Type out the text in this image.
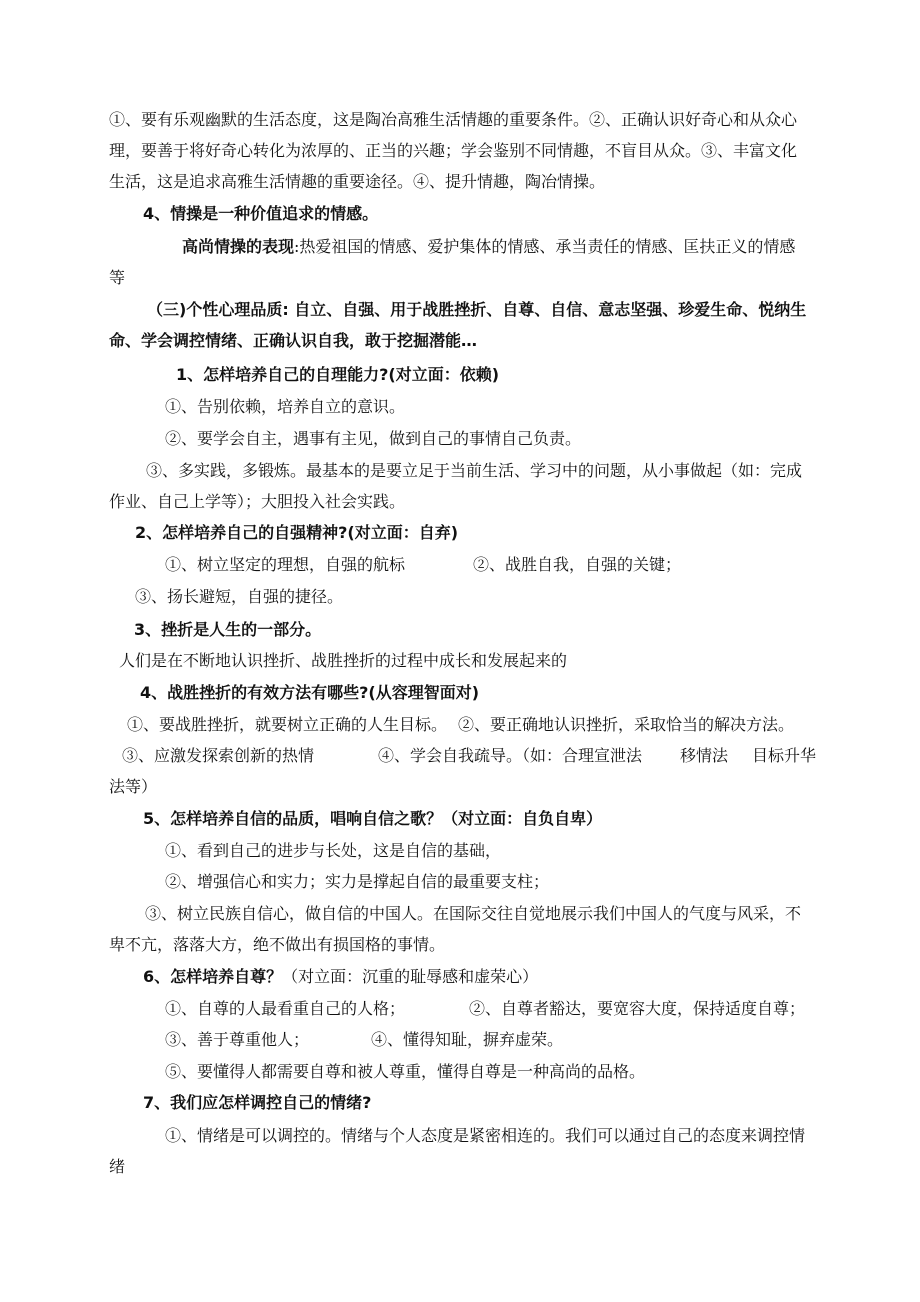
①、要有乐观幽默的生活态度，这是陶冶高雅生活情趣的重要条件。②、正确认识好奇心和从众心
理，要善于将好奇心转化为浓厚的、正当的兴趣；学会鉴别不同情趣，不盲目从众。③、丰富文化
生活，这是追求高雅生活情趣的重要途径。④、提升情趣，陶冶情操。
4、情操是一种价值追求的情感。
高尚情操的表现:热爱祖国的情感、爱护集体的情感、承当责任的情感、匡扶正义的情感
等
（三)个性心理品质: 自立、自强、用于战胜挫折、自尊、自信、意志坚强、珍爱生命、悦纳生
命、学会调控情绪、正确认识自我，敢于挖掘潜能…
1、怎样培养自己的自理能力?(对立面：依赖)
①、告别依赖，培养自立的意识。
②、要学会自主，遇事有主见，做到自己的事情自己负责。
③、多实践，多锻炼。最基本的是要立足于当前生活、学习中的问题，从小事做起（如：完成
作业、自己上学等）；大胆投入社会实践。
2、怎样培养自己的自强精神?(对立面：自弃)
①、树立坚定的理想，自强的航标	②、战胜自我，自强的关键；
③、扬长避短，自强的捷径。
3、挫折是人生的一部分。
人们是在不断地认识挫折、战胜挫折的过程中成长和发展起来的
4、战胜挫折的有效方法有哪些?(从容理智面对)
①、要战胜挫折，就要树立正确的人生目标。 ②、要正确地认识挫折，采取恰当的解决方法。
③、应激发探索创新的热情	④、学会自我疏导。（如：合理宣泄法 移情法 目标升华
法等）
5、怎样培养自信的品质，唱响自信之歌？（对立面：自负自卑）
①、看到自己的进步与长处，这是自信的基础，
②、增强信心和实力；实力是撑起自信的最重要支柱；
③、树立民族自信心，做自信的中国人。在国际交往自觉地展示我们中国人的气度与风采，不
卑不亢，落落大方，绝不做出有损国格的事情。
6、怎样培养自尊？（对立面：沉重的耻辱感和虚荣心）
①、自尊的人最看重自己的人格；	②、自尊者豁达，要宽容大度，保持适度自尊；
③、善于尊重他人；	④、懂得知耻，摒弃虚荣。
⑤、要懂得人都需要自尊和被人尊重，懂得自尊是一种高尚的品格。
7、我们应怎样调控自己的情绪?
①、情绪是可以调控的。情绪与个人态度是紧密相连的。我们可以通过自己的态度来调控情
绪
